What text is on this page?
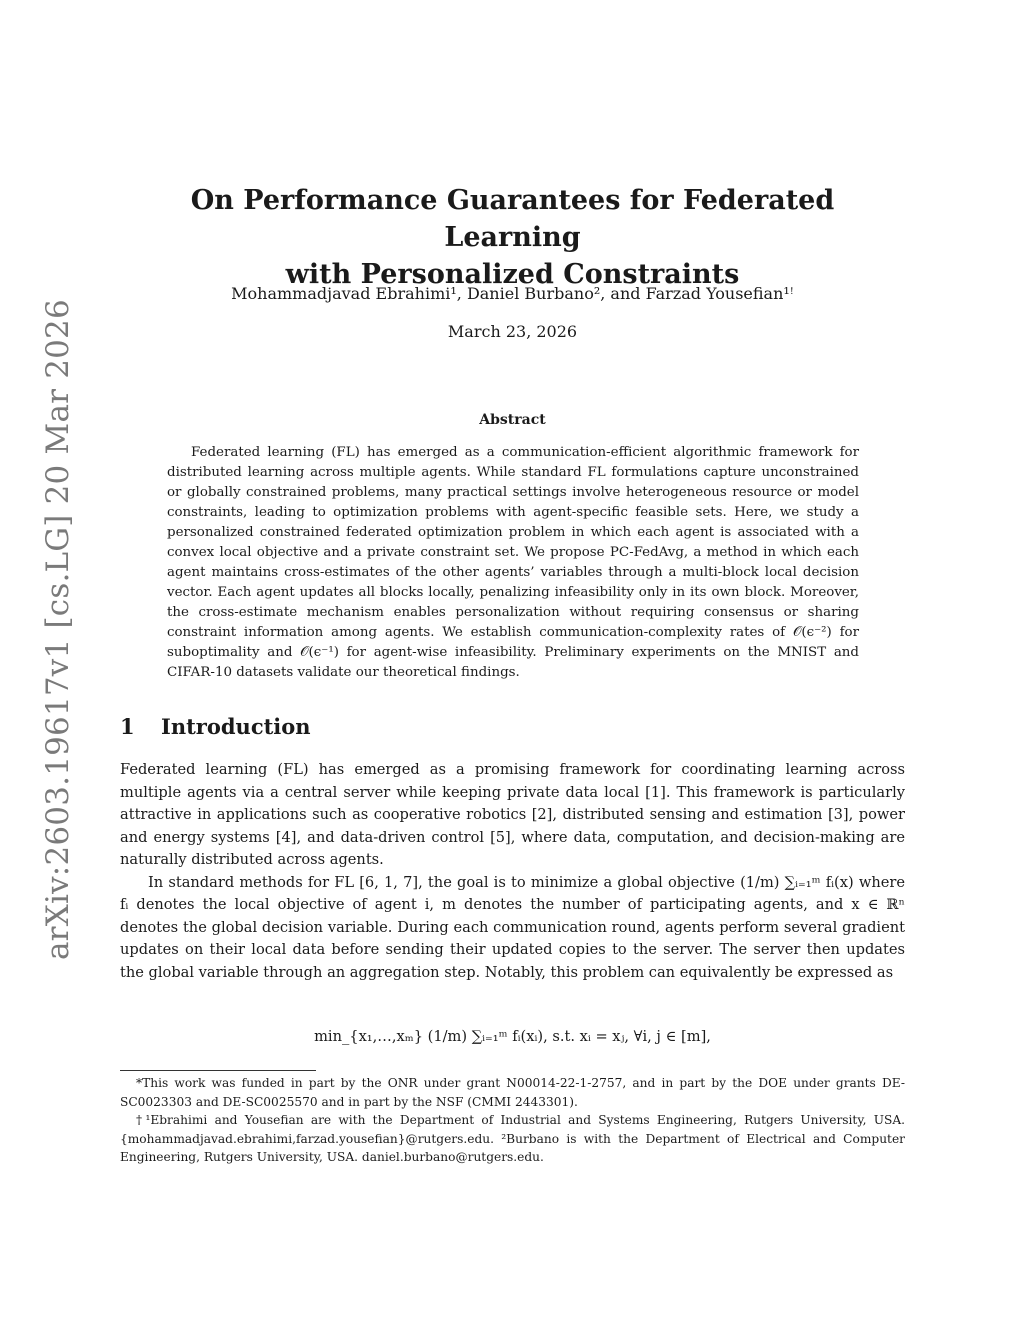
arXiv:2603.19617v1 [cs.LG] 20 Mar 2026
On Performance Guarantees for Federated Learning
with Personalized Constraints
Mohammadjavad Ebrahimi¹, Daniel Burbano², and Farzad Yousefian¹ꜝ
March 23, 2026
Abstract
Federated learning (FL) has emerged as a communication-efficient algorithmic framework for distributed learning across multiple agents. While standard FL formulations capture unconstrained or globally constrained problems, many practical settings involve heterogeneous resource or model constraints, leading to optimization problems with agent-specific feasible sets. Here, we study a personalized constrained federated optimization problem in which each agent is associated with a convex local objective and a private constraint set. We propose PC-FedAvg, a method in which each agent maintains cross-estimates of the other agents’ variables through a multi-block local decision vector. Each agent updates all blocks locally, penalizing infeasibility only in its own block. Moreover, the cross-estimate mechanism enables personalization without requiring consensus or sharing constraint information among agents. We establish communication-complexity rates of 𝒪(ϵ⁻²) for suboptimality and 𝒪(ϵ⁻¹) for agent-wise infeasibility. Preliminary experiments on the MNIST and CIFAR-10 datasets validate our theoretical findings.
1 Introduction

Federated learning (FL) has emerged as a promising framework for coordinating learning across multiple agents via a central server while keeping private data local [1]. This framework is particularly attractive in applications such as cooperative robotics [2], distributed sensing and estimation [3], power and energy systems [4], and data-driven control [5], where data, computation, and decision-making are naturally distributed across agents.

In standard methods for FL [6, 1, 7], the goal is to minimize a global objective (1/m) ∑ᵢ₌₁ᵐ fᵢ(x) where fᵢ denotes the local objective of agent i, m denotes the number of participating agents, and x ∈ ℝⁿ denotes the global decision variable. During each communication round, agents perform several gradient updates on their local data before sending their updated copies to the server. The server then updates the global variable through an aggregation step. Notably, this problem can equivalently be expressed as

min_{x₁,…,xₘ} (1/m) ∑ᵢ₌₁ᵐ fᵢ(xᵢ), s.t. xᵢ = xⱼ, ∀i, j ∈ [m],

*This work was funded in part by the ONR under grant N00014-22-1-2757, and in part by the DOE under grants DE-SC0023303 and DE-SC0025570 and in part by the NSF (CMMI 2443301).

†¹Ebrahimi and Yousefian are with the Department of Industrial and Systems Engineering, Rutgers University, USA. {mohammadjavad.ebrahimi,farzad.yousefian}@rutgers.edu. ²Burbano is with the Department of Electrical and Computer Engineering, Rutgers University, USA. daniel.burbano@rutgers.edu.
